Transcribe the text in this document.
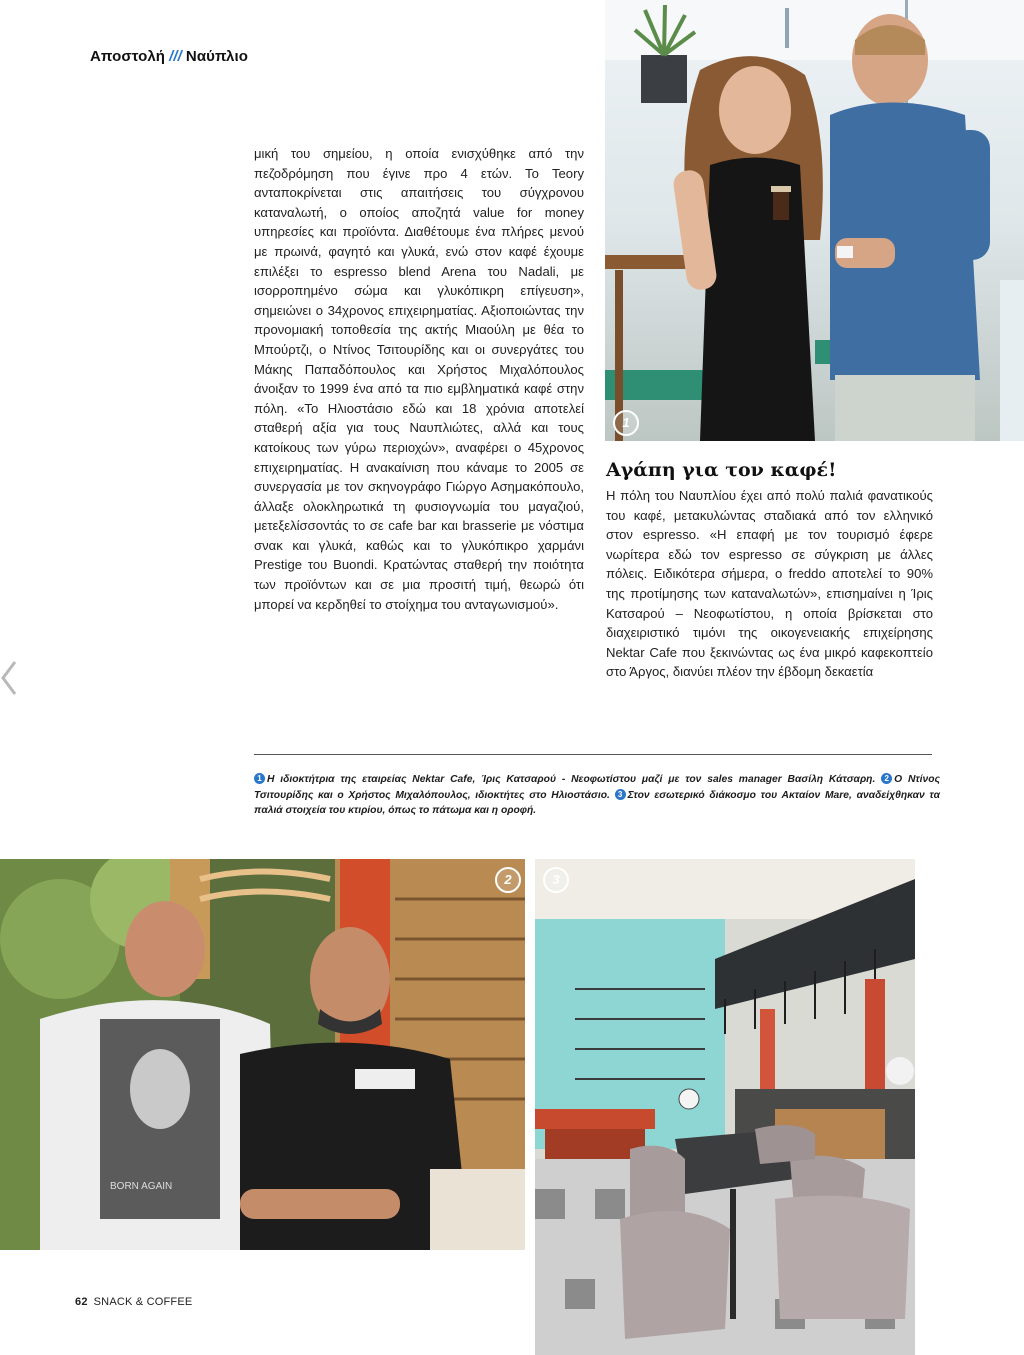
Αποστολή /// Ναύπλιο

μική του σημείου, η οποία ενισχύθηκε από την πεζοδρόμηση που έγινε προ 4 ετών. Το Teory ανταποκρίνεται στις απαιτήσεις του σύγχρονου καταναλωτή, ο οποίος αποζητά value for money υπηρεσίες και προϊόντα. Διαθέτουμε ένα πλήρες μενού με πρωινά, φαγητό και γλυκά, ενώ στον καφέ έχουμε επιλέξει το espresso blend Arena του Nadali, με ισορροπημένο σώμα και γλυκόπικρη επίγευση», σημειώνει ο 34χρονος επιχειρηματίας. Αξιοποιώντας την προνομιακή τοποθεσία της ακτής Μιαούλη με θέα το Μπούρτζι, ο Ντίνος Τσιτουρίδης και οι συνεργάτες του Μάκης Παπαδόπουλος και Χρήστος Μιχαλόπουλος άνοιξαν το 1999 ένα από τα πιο εμβληματικά καφέ στην πόλη. «Το Ηλιοστάσιο εδώ και 18 χρόνια αποτελεί σταθερή αξία για τους Ναυπλιώτες, αλλά και τους κατοίκους των γύρω περιοχών», αναφέρει ο 45χρονος επιχειρηματίας. Η ανακαίνιση που κάναμε το 2005 σε συνεργασία με τον σκηνογράφο Γιώργο Ασημακόπουλο, άλλαξε ολοκληρωτικά τη φυσιογνωμία του μαγαζιού, μετεξελίσσοντάς το σε cafe bar και brasserie με νόστιμα σνακ και γλυκά, καθώς και το γλυκόπικρο χαρμάνι Prestige του Buondi. Κρατώντας σταθερή την ποιότητα των προϊόντων και σε μια προσιτή τιμή, θεωρώ ότι μπορεί να κερδηθεί το στοίχημα του ανταγωνισμού».

1
Αγάπη για τον καφέ!

Η πόλη του Ναυπλίου έχει από πολύ παλιά φανατικούς του καφέ, μετακυλώντας σταδιακά από τον ελληνικό στον espresso. «Η επαφή με τον τουρισμό έφερε νωρίτερα εδώ τον espresso σε σύγκριση με άλλες πόλεις. Ειδικότερα σήμερα, ο freddo αποτελεί το 90% της προτίμησης των καταναλωτών», επισημαίνει η Ίρις Κατσαρού – Νεοφωτίστου, η οποία βρίσκεται στο διαχειριστικό τιμόνι της οικογενειακής επιχείρησης Nektar Cafe που ξεκινώντας ως ένα μικρό καφεκοπτείο στο Άργος, διανύει πλέον την έβδομη δεκαετία

1 Η ιδιοκτήτρια της εταιρείας Nektar Cafe, Ίρις Κατσαρού - Νεοφωτίστου μαζί με τον sales manager Βασίλη Κάτσαρη. 2 Ο Ντίνος Τσιτουρίδης και ο Χρήστος Μιχαλόπουλος, ιδιοκτήτες στο Ηλιοστάσιο. 3 Στον εσωτερικό διάκοσμο του Ακταίον Mare, αναδείχθηκαν τα παλιά στοιχεία του κτιρίου, όπως το πάτωμα και η οροφή.
BORN AGAIN
2	3
62 SNACK & COFFEE
